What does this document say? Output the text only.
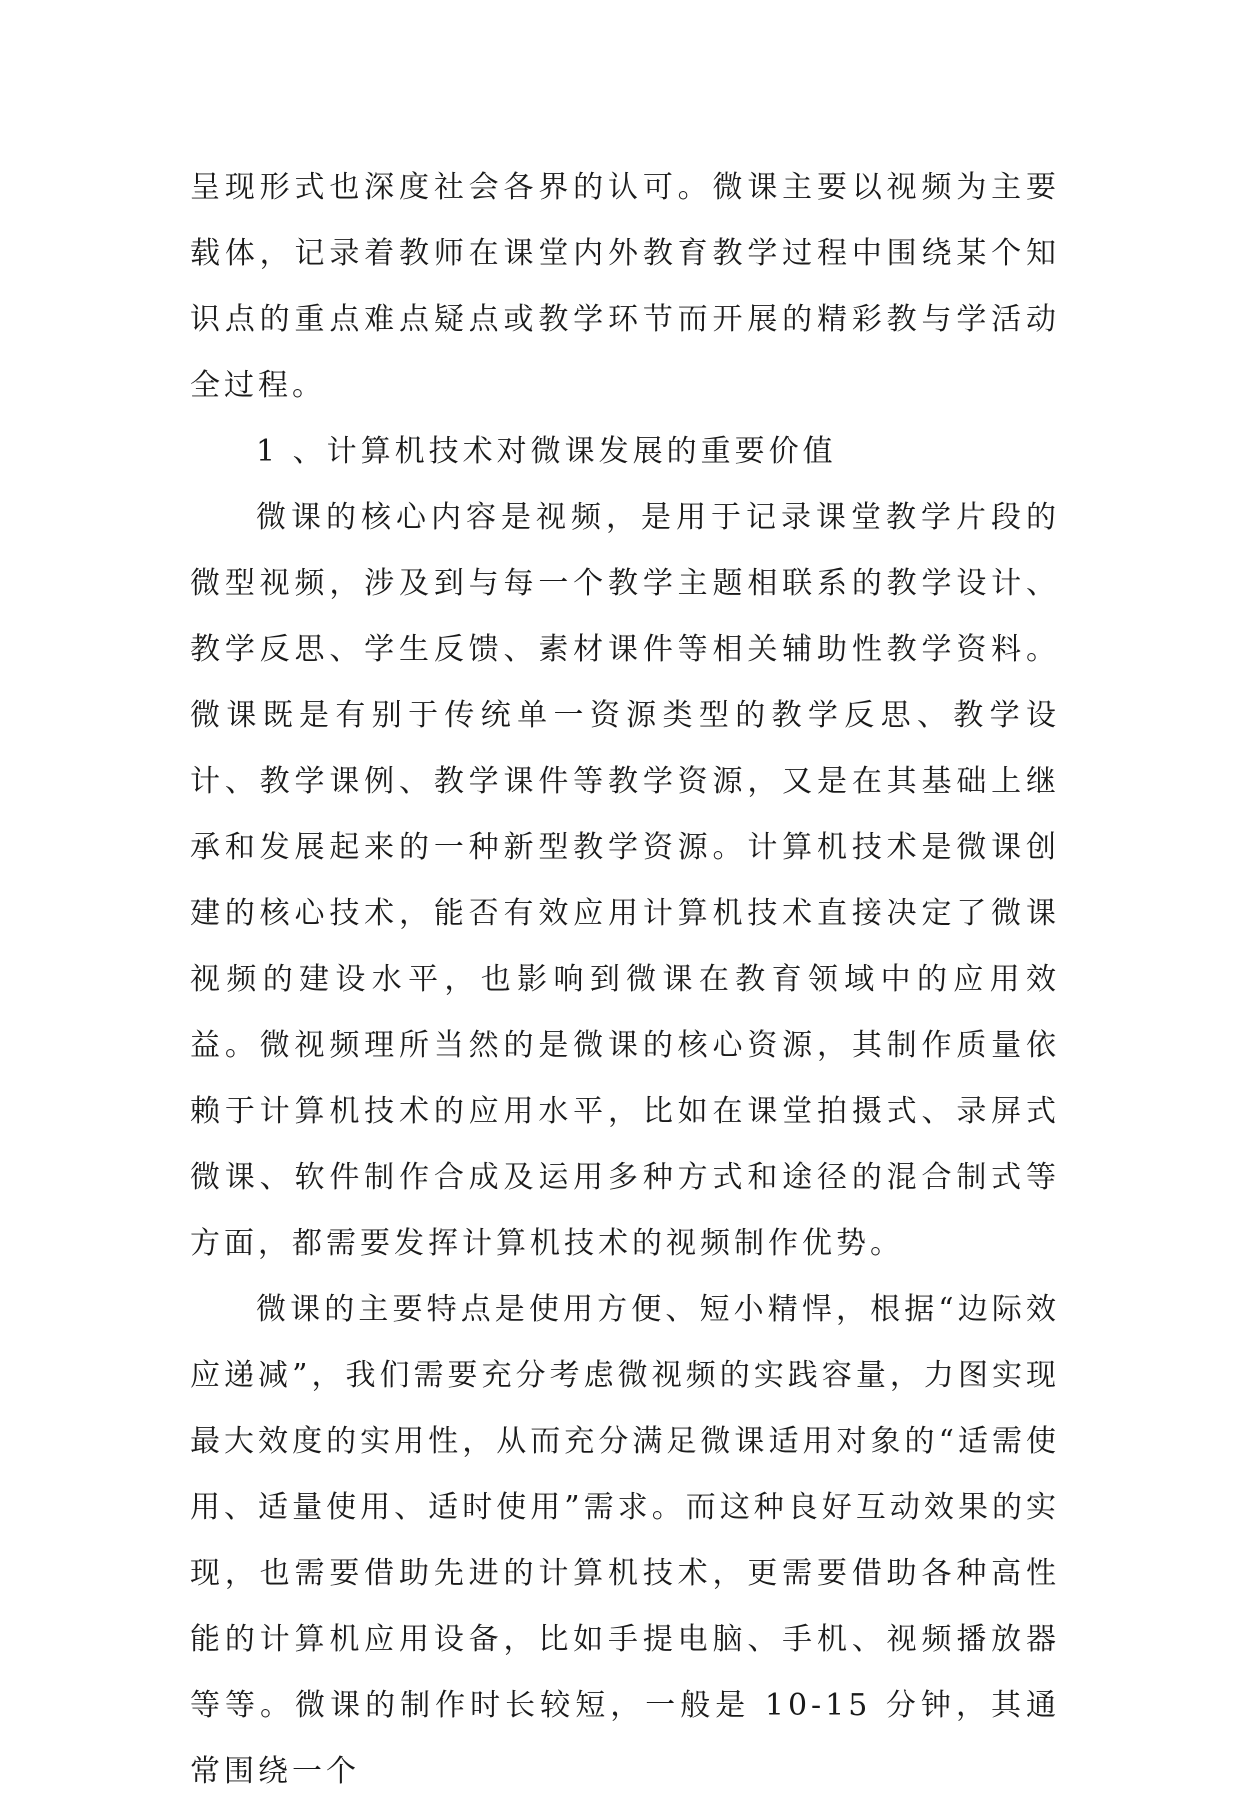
呈现形式也深度社会各界的认可。微课主要以视频为主要载体，记录着教师在课堂内外教育教学过程中围绕某个知识点的重点难点疑点或教学环节而开展的精彩教与学活动全过程。

1 、计算机技术对微课发展的重要价值

微课的核心内容是视频，是用于记录课堂教学片段的微型视频，涉及到与每一个教学主题相联系的教学设计、教学反思、学生反馈、素材课件等相关辅助性教学资料。微课既是有别于传统单一资源类型的教学反思、教学设计、教学课例、教学课件等教学资源，又是在其基础上继承和发展起来的一种新型教学资源。计算机技术是微课创建的核心技术，能否有效应用计算机技术直接决定了微课视频的建设水平，也影响到微课在教育领域中的应用效益。微视频理所当然的是微课的核心资源，其制作质量依赖于计算机技术的应用水平，比如在课堂拍摄式、录屏式微课、软件制作合成及运用多种方式和途径的混合制式等方面，都需要发挥计算机技术的视频制作优势。

微课的主要特点是使用方便、短小精悍，根据“边际效应递减”，我们需要充分考虑微视频的实践容量，力图实现最大效度的实用性，从而充分满足微课适用对象的“适需使用、适量使用、适时使用”需求。而这种良好互动效果的实现，也需要借助先进的计算机技术，更需要借助各种高性能的计算机应用设备，比如手提电脑、手机、视频播放器等等。微课的制作时长较短，一般是 10-15 分钟，其通常围绕一个
